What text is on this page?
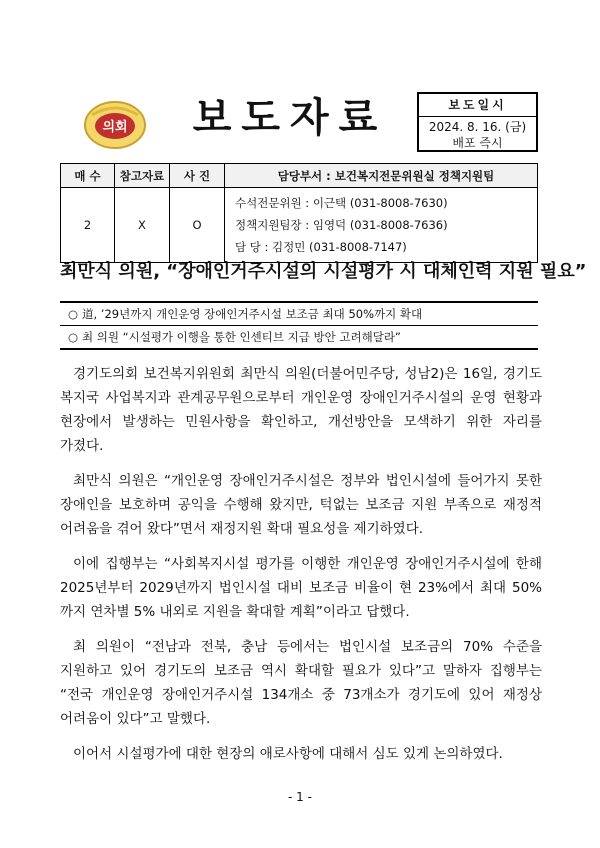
의회	보도자료	보도일시
2024. 8. 16. (금)
배포 즉시
매 수	참고자료	사 진	담당부서 : 보건복지전문위원실 정책지원팀
2	X	O	수석전문위원 : 이근택 (031-8008-7630)
정책지원팀장 : 임영덕 (031-8008-7636)
담 당 : 김정민 (031-8008-7147)
최만식 의원, “장애인거주시설의 시설평가 시 대체인력 지원 필요”
○ 道, ’29년까지 개인운영 장애인거주시설 보조금 최대 50%까지 확대
○ 최 의원 “시설평가 이행을 통한 인센티브 지급 방안 고려해달라”

경기도의회 보건복지위원회 최만식 의원(더불어민주당, 성남2)은 16일, 경기도 복지국 사업복지과 관계공무원으로부터 개인운영 장애인거주시설의 운영 현황과 현장에서 발생하는 민원사항을 확인하고, 개선방안을 모색하기 위한 자리를 가졌다.

최만식 의원은 “개인운영 장애인거주시설은 정부와 법인시설에 들어가지 못한 장애인을 보호하며 공익을 수행해 왔지만, 턱없는 보조금 지원 부족으로 재정적 어려움을 겪어 왔다”면서 재정지원 확대 필요성을 제기하였다.

이에 집행부는 “사회복지시설 평가를 이행한 개인운영 장애인거주시설에 한해 2025년부터 2029년까지 법인시설 대비 보조금 비율이 현 23%에서 최대 50%까지 연차별 5% 내외로 지원을 확대할 계획”이라고 답했다.

최 의원이 “전남과 전북, 충남 등에서는 법인시설 보조금의 70% 수준을 지원하고 있어 경기도의 보조금 역시 확대할 필요가 있다”고 말하자 집행부는 “전국 개인운영 장애인거주시설 134개소 중 73개소가 경기도에 있어 재정상 어려움이 있다”고 말했다.

이어서 시설평가에 대한 현장의 애로사항에 대해서 심도 있게 논의하였다.

- 1 -
